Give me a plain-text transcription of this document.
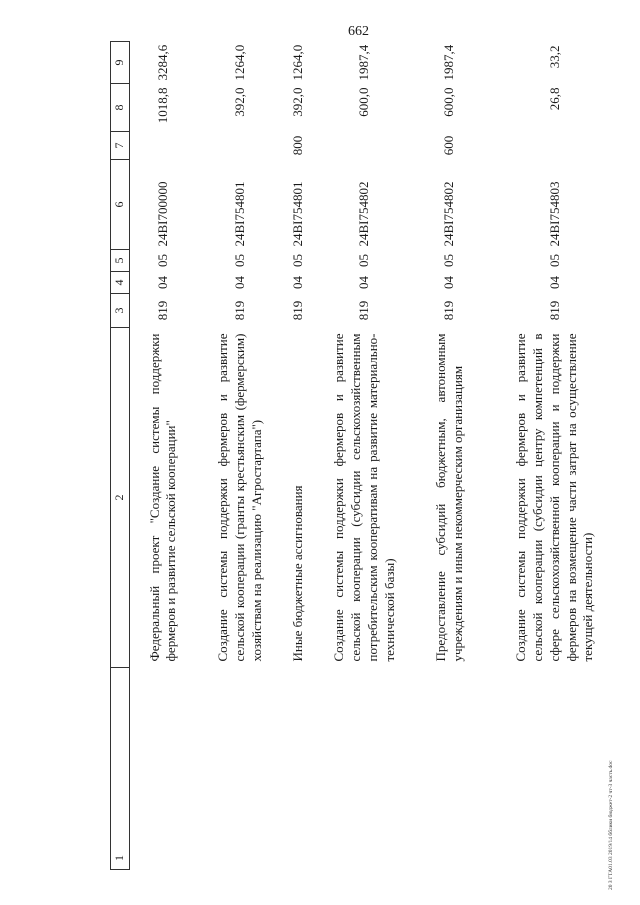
662
1	2	3	4	5	6	7	8	9
	Федеральный проект "Создание системы поддержки фермеров и развитие сельской кооперации"	819	04	05	24BI700000		1018,8	3284,6
	Создание системы поддержки фермеров и развитие сельской кооперации (гранты крестьянским (фермерским) хозяйствам на реализацию "Агростартапа")	819	04	05	24BI754801		392,0	1264,0
	Иные бюджетные ассигнования	819	04	05	24BI754801	800	392,0	1264,0
	Создание системы поддержки фермеров и развитие сельской кооперации (субсидии сельскохозяйственным потребительским кооперативам на развитие материально-технической базы)	819	04	05	24BI754802		600,0	1987,4
	Предоставление субсидий бюджетным, автономным учреждениям и иным некоммерческим организациям	819	04	05	24BI754802	600	600,0	1987,4
	Создание системы поддержки фермеров и развитие сельской кооперации (субсидии центру компетенций в сфере сельскохозяйственной кооперации и поддержки фермеров на возмещение части затрат на осуществление текущей деятельности)	819	04	05	24BI754803		26,8	33,2
20 З ГТА01.03 2019/14 бблики бюджет-2 чт-3 часть.doc
